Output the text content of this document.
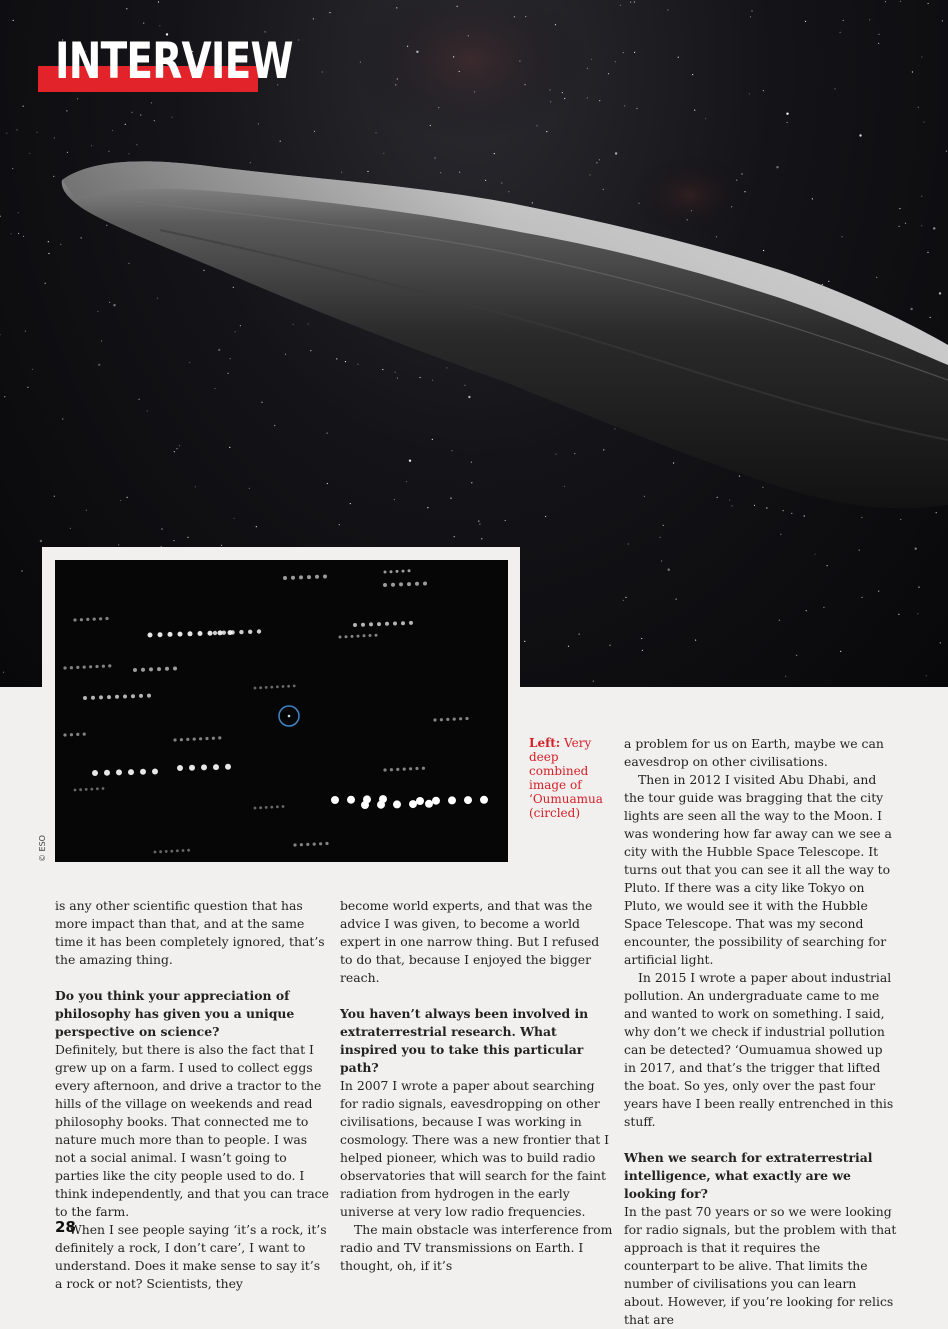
INTERVIEW
© ESO
Left: Very deep combined image of ‘Oumuamua (circled)

a problem for us on Earth, maybe we can eavesdrop on other civilisations.

Then in 2012 I visited Abu Dhabi, and the tour guide was bragging that the city lights are seen all the way to the Moon. I was wondering how far away can we see a city with the Hubble Space Telescope. It turns out that you can see it all the way to Pluto. If there was a city like Tokyo on Pluto, we would see it with the Hubble Space Telescope. That was my second encounter, the possibility of searching for artificial light.

In 2015 I wrote a paper about industrial pollution. An undergraduate came to me and wanted to work on something. I said, why don’t we check if industrial pollution can be detected? ‘Oumuamua showed up in 2017, and that’s the trigger that lifted the boat. So yes, only over the past four years have I been really entrenched in this stuff.

When we search for extraterrestrial intelligence, what exactly are we looking for?

In the past 70 years or so we were looking for radio signals, but the problem with that approach is that it requires the counterpart to be alive. That limits the number of civilisations you can learn about. However, if you’re looking for relics that are

is any other scientific question that has more impact than that, and at the same time it has been completely ignored, that’s the amazing thing.

Do you think your appreciation of philosophy has given you a unique perspective on science?

Definitely, but there is also the fact that I grew up on a farm. I used to collect eggs every afternoon, and drive a tractor to the hills of the village on weekends and read philosophy books. That connected me to nature much more than to people. I was not a social animal. I wasn’t going to parties like the city people used to do. I think independently, and that you can trace to the farm.

When I see people saying ‘it’s a rock, it’s definitely a rock, I don’t care’, I want to understand. Does it make sense to say it’s a rock or not? Scientists, they

become world experts, and that was the advice I was given, to become a world expert in one narrow thing. But I refused to do that, because I enjoyed the bigger reach.

You haven’t always been involved in extraterrestrial research. What inspired you to take this particular path?

In 2007 I wrote a paper about searching for radio signals, eavesdropping on other civilisations, because I was working in cosmology. There was a new frontier that I helped pioneer, which was to build radio observatories that will search for the faint radiation from hydrogen in the early universe at very low radio frequencies.

The main obstacle was interference from radio and TV transmissions on Earth. I thought, oh, if it’s

28
